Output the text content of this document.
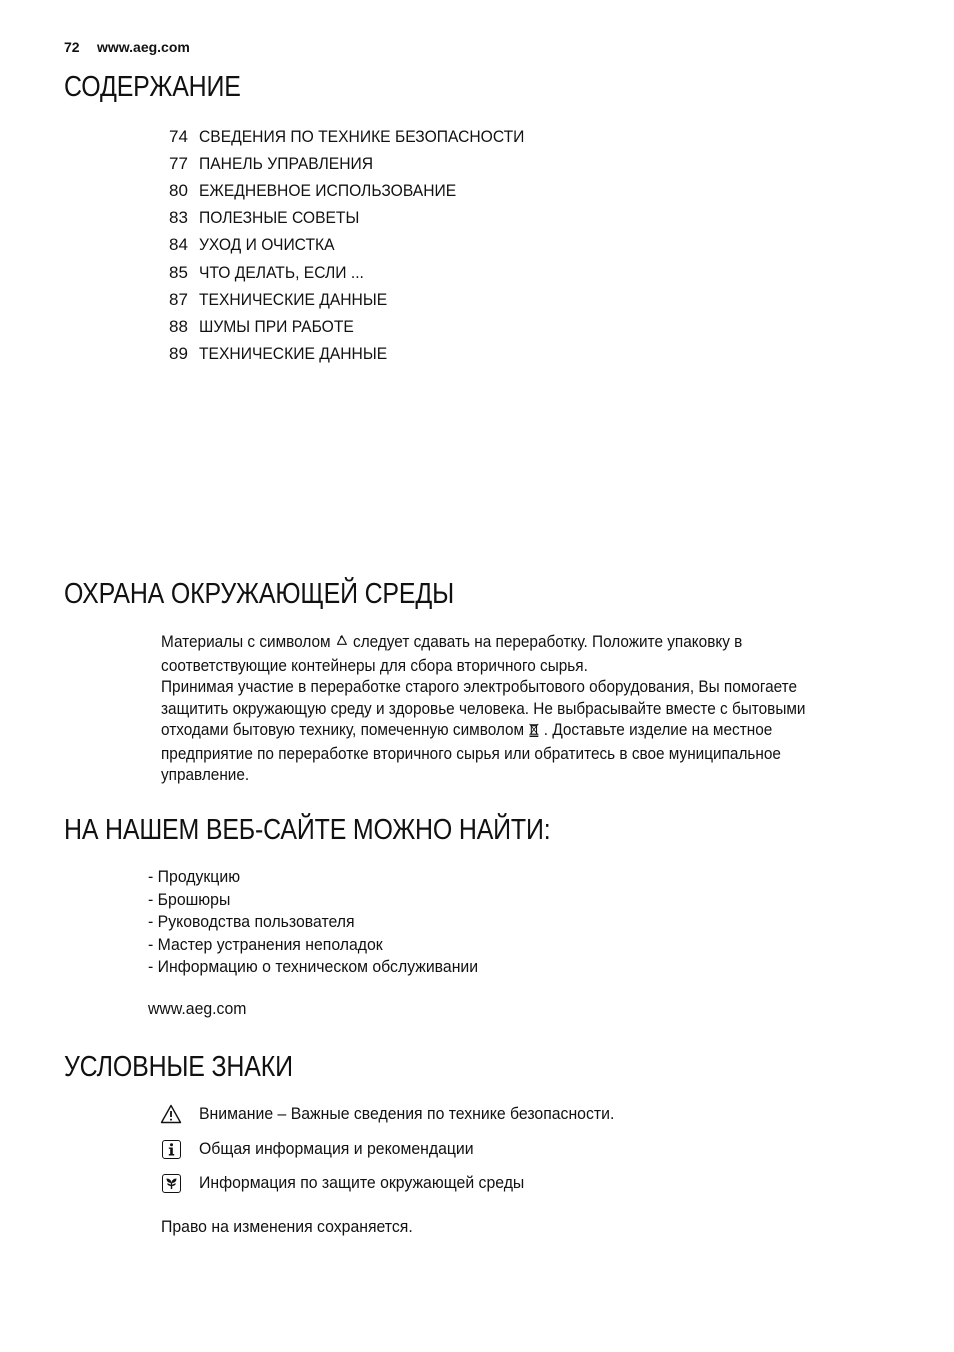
72 www.aeg.com
СОДЕРЖАНИЕ
74 СВЕДЕНИЯ ПО ТЕХНИКЕ БЕЗОПАСНОСТИ
77 ПАНЕЛЬ УПРАВЛЕНИЯ
80 ЕЖЕДНЕВНОЕ ИСПОЛЬЗОВАНИЕ
83 ПОЛЕЗНЫЕ СОВЕТЫ
84 УХОД И ОЧИСТКА
85 ЧТО ДЕЛАТЬ, ЕСЛИ ...
87 ТЕХНИЧЕСКИЕ ДАННЫЕ
88 ШУМЫ ПРИ РАБОТЕ
89 ТЕХНИЧЕСКИЕ ДАННЫЕ
ОХРАНА ОКРУЖАЮЩЕЙ СРЕДЫ
Материалы с символом  следует сдавать на переработку. Положите упаковку в
соответствующие контейнеры для сбора вторичного сырья.
Принимая участие в переработке старого электробытового оборудования, Вы помогаете
защитить окружающую среду и здоровье человека. Не выбрасывайте вместе с бытовыми
отходами бытовую технику, помеченную символом  . Доставьте изделие на местное
предприятие по переработке вторичного сырья или обратитесь в свое муниципальное
управление.
НА НАШЕМ ВЕБ-САЙТЕ МОЖНО НАЙТИ:
- Продукцию
- Брошюры
- Руководства пользователя
- Мастер устранения неполадок
- Информацию о техническом обслуживании
www.aeg.com
УСЛОВНЫЕ ЗНАКИ
Внимание – Важные сведения по технике безопасности.
Общая информация и рекомендации
Информация по защите окружающей среды
Право на изменения сохраняется.
